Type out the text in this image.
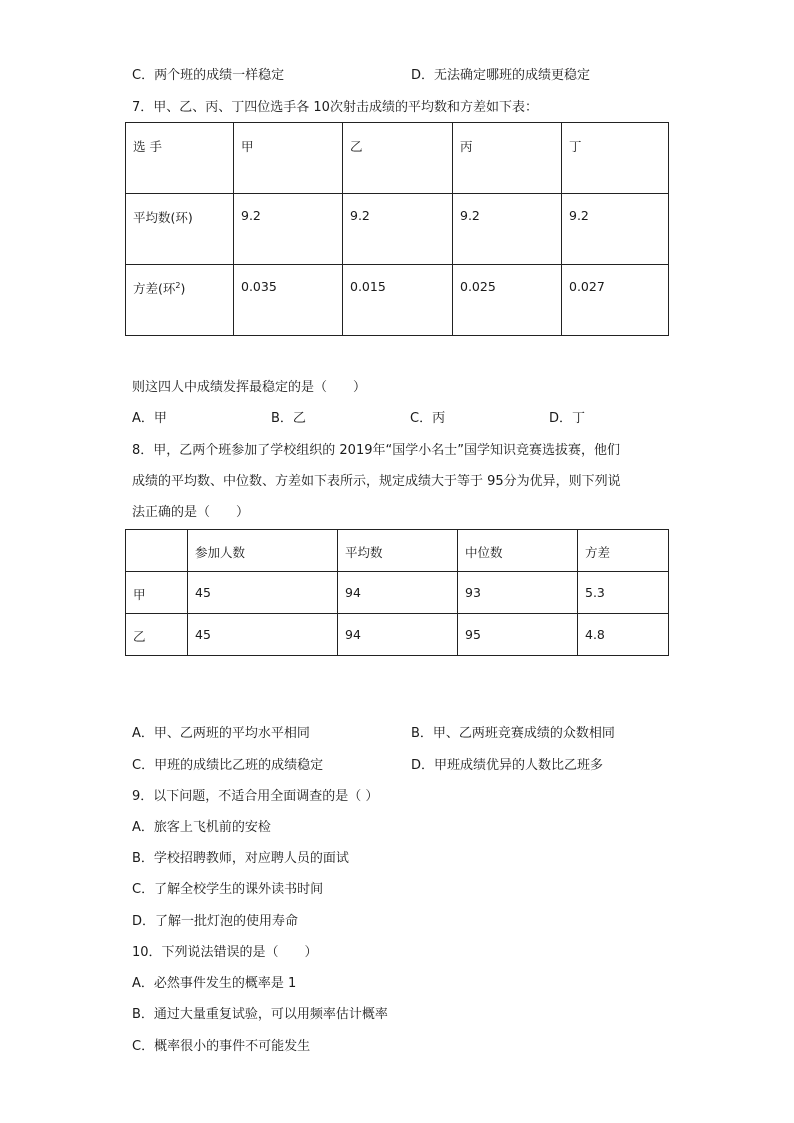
C．两个班的成绩一样稳定	D．无法确定哪班的成绩更稳定
7．甲、乙、丙、丁四位选手各 10次射击成绩的平均数和方差如下表：
选 手	甲	乙	丙	丁
平均数(环)	9.2	9.2	9.2	9.2
方差(环$^2$)	0.035	0.015	0.025	0.027
则这四人中成绩发挥最稳定的是（　　）
A．甲	B．乙	C．丙	D．丁
8．甲，乙两个班参加了学校组织的 2019年“国学小名士”国学知识竞赛选拔赛，他们
成绩的平均数、中位数、方差如下表所示，规定成绩大于等于 95分为优异，则下列说
法正确的是（　　）
	参加人数	平均数	中位数	方差
甲	45	94	93	5.3
乙	45	94	95	4.8
A．甲、乙两班的平均水平相同	B．甲、乙两班竞赛成绩的众数相同
C．甲班的成绩比乙班的成绩稳定	D．甲班成绩优异的人数比乙班多
9．以下问题，不适合用全面调查的是（ ）
A．旅客上飞机前的安检
B．学校招聘教师，对应聘人员的面试
C．了解全校学生的课外读书时间
D．了解一批灯泡的使用寿命
10．下列说法错误的是（　　）
A．必然事件发生的概率是 1
B．通过大量重复试验，可以用频率估计概率
C．概率很小的事件不可能发生
